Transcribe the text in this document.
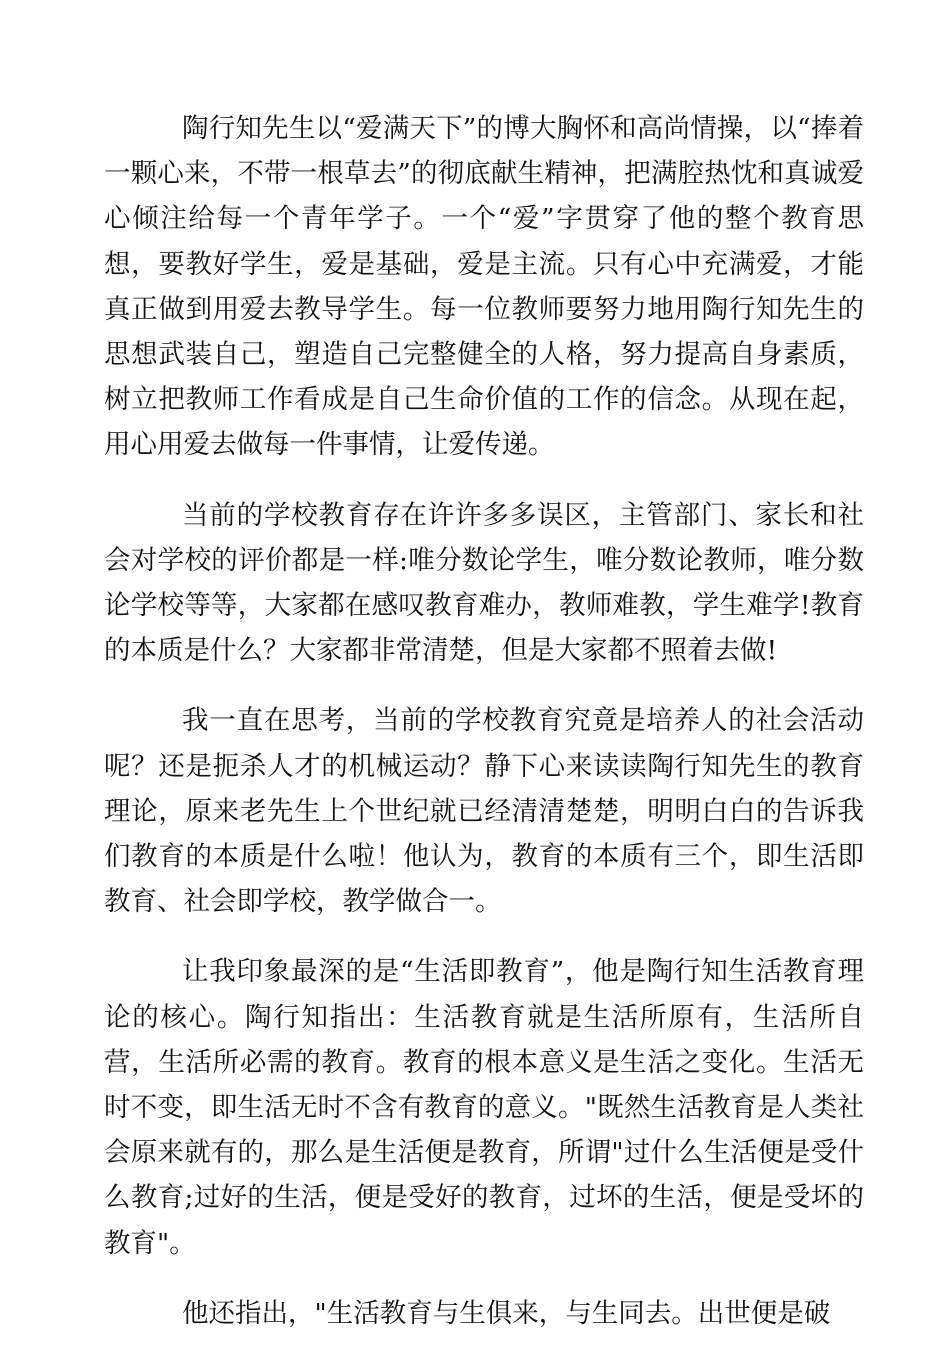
陶行知先生以“爱满天下”的博大胸怀和高尚情操，以“捧着一颗心来，不带一根草去”的彻底献生精神，把满腔热忱和真诚爱心倾注给每一个青年学子。一个“爱”字贯穿了他的整个教育思想，要教好学生，爱是基础，爱是主流。只有心中充满爱，才能真正做到用爱去教导学生。每一位教师要努力地用陶行知先生的思想武装自己，塑造自己完整健全的人格，努力提高自身素质，树立把教师工作看成是自己生命价值的工作的信念。从现在起，用心用爱去做每一件事情，让爱传递。

当前的学校教育存在许许多多误区，主管部门、家长和社会对学校的评价都是一样:唯分数论学生，唯分数论教师，唯分数论学校等等，大家都在感叹教育难办，教师难教，学生难学!教育的本质是什么？大家都非常清楚，但是大家都不照着去做!

我一直在思考，当前的学校教育究竟是培养人的社会活动呢？还是扼杀人才的机械运动？静下心来读读陶行知先生的教育理论，原来老先生上个世纪就已经清清楚楚，明明白白的告诉我们教育的本质是什么啦！他认为，教育的本质有三个，即生活即教育、社会即学校，教学做合一。

让我印象最深的是“生活即教育”，他是陶行知生活教育理论的核心。陶行知指出：生活教育就是生活所原有，生活所自营，生活所必需的教育。教育的根本意义是生活之变化。生活无时不变，即生活无时不含有教育的意义。"既然生活教育是人类社会原来就有的，那么是生活便是教育，所谓"过什么生活便是受什么教育;过好的生活，便是受好的教育，过坏的生活，便是受坏的教育"。

他还指出，"生活教育与生俱来，与生同去。出世便是破
